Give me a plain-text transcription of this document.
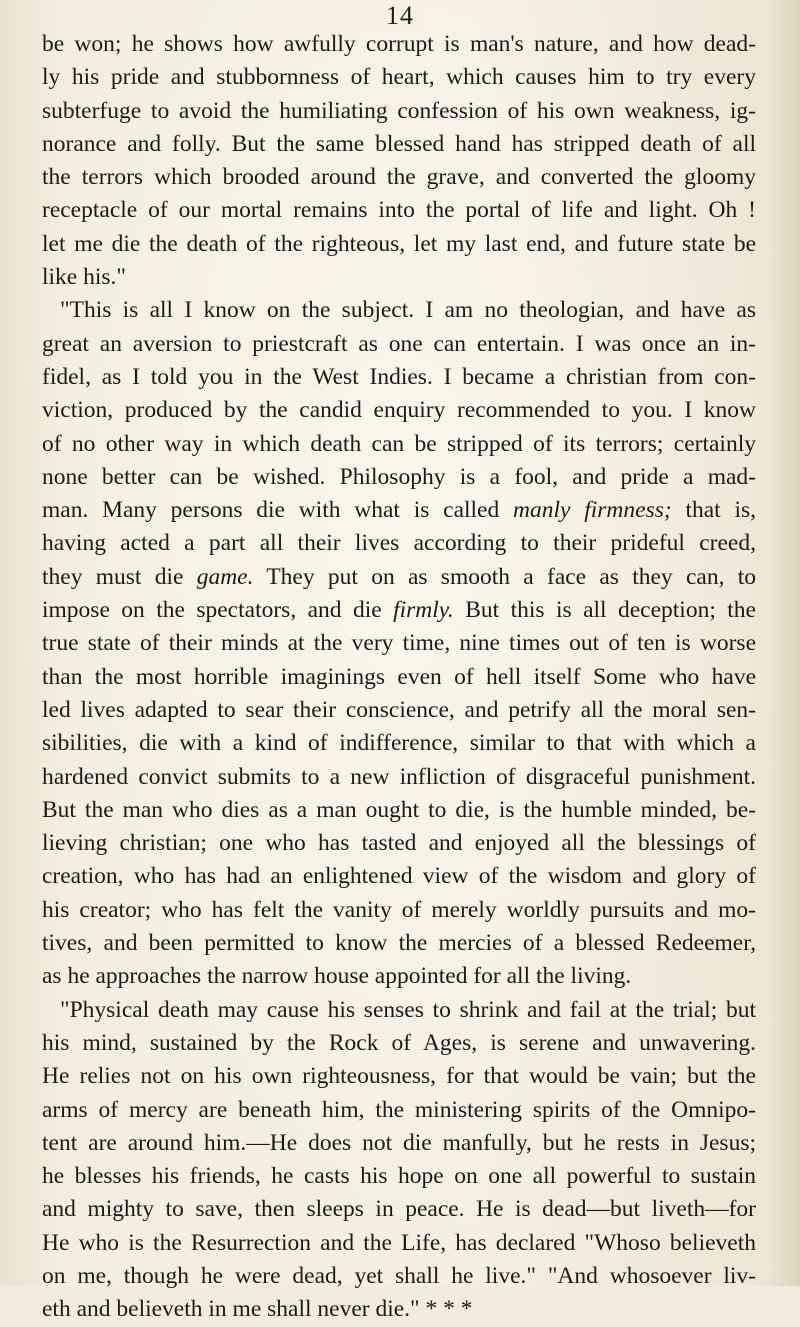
14
be won; he shows how awfully corrupt is man's nature, and how dead-
ly his pride and stubbornness of heart, which causes him to try every
subterfuge to avoid the humiliating confession of his own weakness, ig-
norance and folly. But the same blessed hand has stripped death of all
the terrors which brooded around the grave, and converted the gloomy
receptacle of our mortal remains into the portal of life and light. Oh !
let me die the death of the righteous, let my last end, and future state be
like his."
"This is all I know on the subject. I am no theologian, and have as
great an aversion to priestcraft as one can entertain. I was once an in-
fidel, as I told you in the West Indies. I became a christian from con-
viction, produced by the candid enquiry recommended to you. I know
of no other way in which death can be stripped of its terrors; certainly
none better can be wished. Philosophy is a fool, and pride a mad-
man. Many persons die with what is called manly firmness; that is,
having acted a part all their lives according to their prideful creed,
they must die game. They put on as smooth a face as they can, to
impose on the spectators, and die firmly. But this is all deception; the
true state of their minds at the very time, nine times out of ten is worse
than the most horrible imaginings even of hell itself Some who have
led lives adapted to sear their conscience, and petrify all the moral sen-
sibilities, die with a kind of indifference, similar to that with which a
hardened convict submits to a new infliction of disgraceful punishment.
But the man who dies as a man ought to die, is the humble minded, be-
lieving christian; one who has tasted and enjoyed all the blessings of
creation, who has had an enlightened view of the wisdom and glory of
his creator; who has felt the vanity of merely worldly pursuits and mo-
tives, and been permitted to know the mercies of a blessed Redeemer,
as he approaches the narrow house appointed for all the living.
"Physical death may cause his senses to shrink and fail at the trial; but
his mind, sustained by the Rock of Ages, is serene and unwavering.
He relies not on his own righteousness, for that would be vain; but the
arms of mercy are beneath him, the ministering spirits of the Omnipo-
tent are around him.—He does not die manfully, but he rests in Jesus;
he blesses his friends, he casts his hope on one all powerful to sustain
and mighty to save, then sleeps in peace. He is dead—but liveth—for
He who is the Resurrection and the Life, has declared "Whoso believeth
on me, though he were dead, yet shall he live." "And whosoever liv-
eth and believeth in me shall never die." * * *
